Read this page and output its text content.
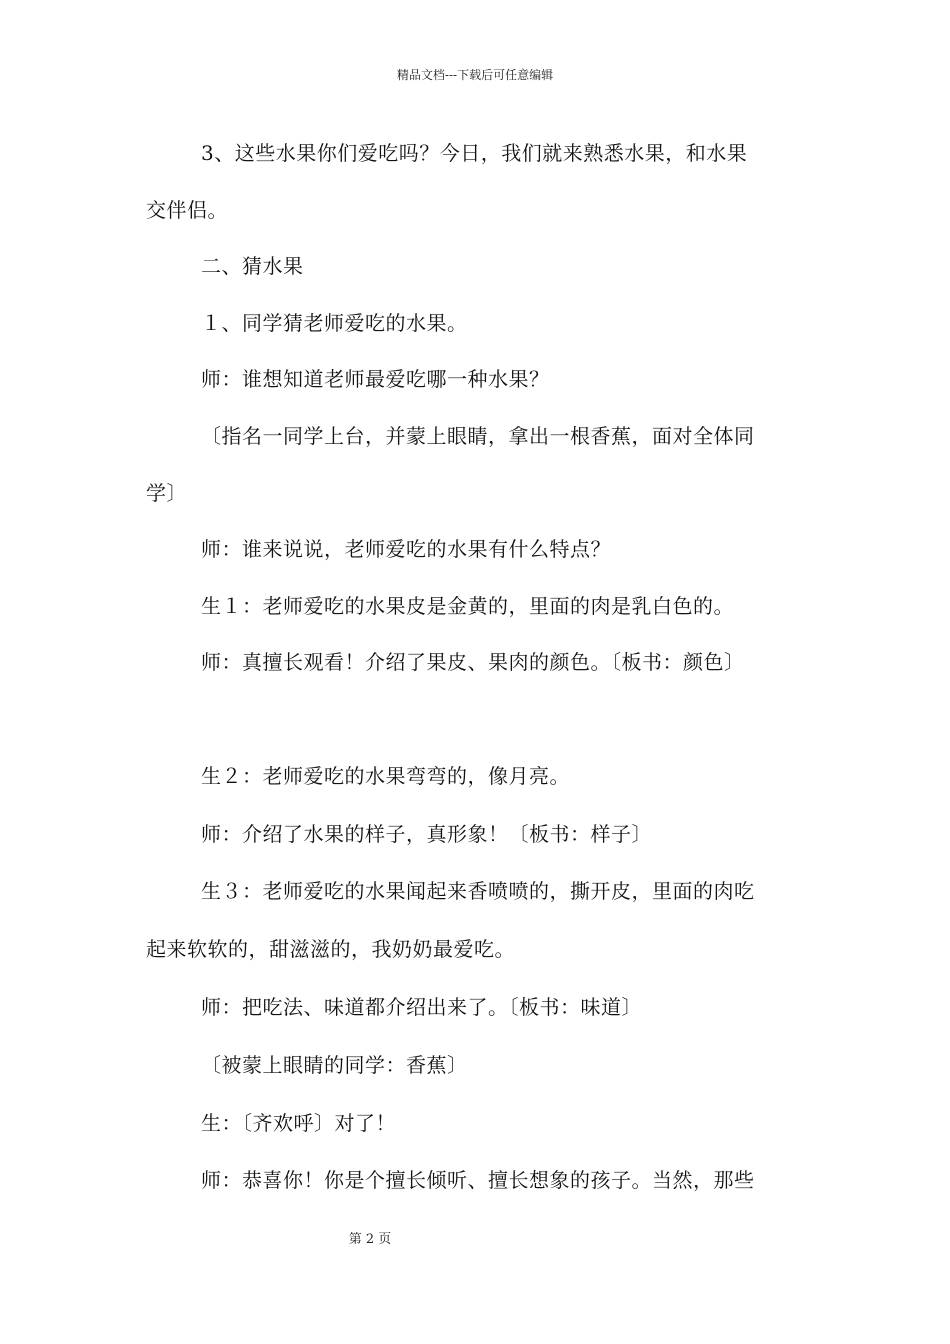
精品文档---下载后可任意编辑
3、这些水果你们爱吃吗？今日，我们就来熟悉水果，和水果
交伴侣。
二、猜水果
１、同学猜老师爱吃的水果。
师：谁想知道老师最爱吃哪一种水果？
〔指名一同学上台，并蒙上眼睛，拿出一根香蕉，面对全体同
学〕
师：谁来说说，老师爱吃的水果有什么特点？
生１：老师爱吃的水果皮是金黄的，里面的肉是乳白色的。
师：真擅长观看！介绍了果皮、果肉的颜色。〔板书：颜色〕
生２：老师爱吃的水果弯弯的，像月亮。
师：介绍了水果的样子，真形象！〔板书：样子〕
生３：老师爱吃的水果闻起来香喷喷的，撕开皮，里面的肉吃
起来软软的，甜滋滋的，我奶奶最爱吃。
师：把吃法、味道都介绍出来了。〔板书：味道〕
〔被蒙上眼睛的同学：香蕉〕
生：〔齐欢呼〕对了！
师：恭喜你！你是个擅长倾听、擅长想象的孩子。当然，那些
第 2 页
